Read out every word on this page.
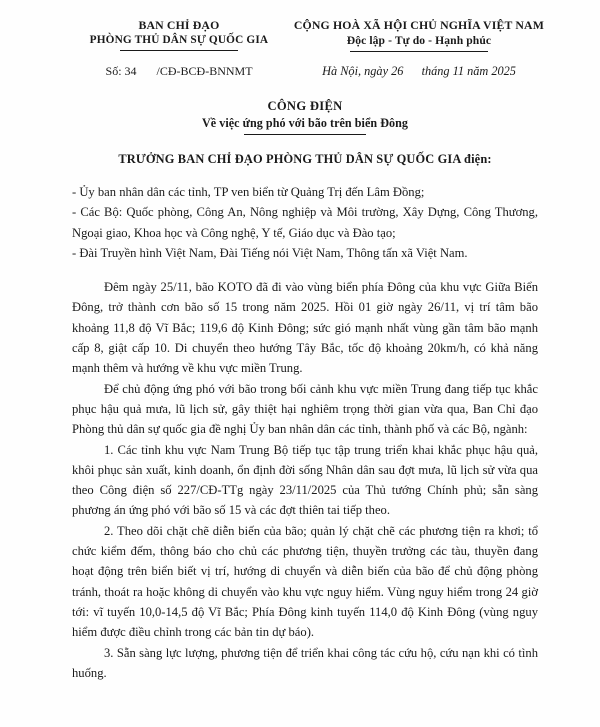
BAN CHỈ ĐẠO
PHÒNG THỦ DÂN SỰ QUỐC GIA
CỘNG HOÀ XÃ HỘI CHỦ NGHĨA VIỆT NAM
Độc lập - Tự do - Hạnh phúc
Số: 34 /CĐ-BCĐ-BNNMT	Hà Nội, ngày 26 tháng 11 năm 2025
CÔNG ĐIỆN
Về việc ứng phó với bão trên biển Đông
TRƯỞNG BAN CHỈ ĐẠO PHÒNG THỦ DÂN SỰ QUỐC GIA điện:
- Ủy ban nhân dân các tỉnh, TP ven biển từ Quảng Trị đến Lâm Đồng;
- Các Bộ: Quốc phòng, Công An, Nông nghiệp và Môi trường, Xây Dựng, Công Thương, Ngoại giao, Khoa học và Công nghệ, Y tế, Giáo dục và Đào tạo;
- Đài Truyền hình Việt Nam, Đài Tiếng nói Việt Nam, Thông tấn xã Việt Nam.

Đêm ngày 25/11, bão KOTO đã đi vào vùng biển phía Đông của khu vực Giữa Biển Đông, trở thành cơn bão số 15 trong năm 2025. Hồi 01 giờ ngày 26/11, vị trí tâm bão khoảng 11,8 độ Vĩ Bắc; 119,6 độ Kinh Đông; sức gió mạnh nhất vùng gần tâm bão mạnh cấp 8, giật cấp 10. Di chuyển theo hướng Tây Bắc, tốc độ khoảng 20km/h, có khả năng mạnh thêm và hướng về khu vực miền Trung.

Để chủ động ứng phó với bão trong bối cảnh khu vực miền Trung đang tiếp tục khắc phục hậu quả mưa, lũ lịch sử, gây thiệt hại nghiêm trọng thời gian vừa qua, Ban Chỉ đạo Phòng thủ dân sự quốc gia đề nghị Ủy ban nhân dân các tỉnh, thành phố và các Bộ, ngành:

1. Các tỉnh khu vực Nam Trung Bộ tiếp tục tập trung triển khai khắc phục hậu quả, khôi phục sản xuất, kinh doanh, ổn định đời sống Nhân dân sau đợt mưa, lũ lịch sử vừa qua theo Công điện số 227/CĐ-TTg ngày 23/11/2025 của Thủ tướng Chính phủ; sẵn sàng phương án ứng phó với bão số 15 và các đợt thiên tai tiếp theo.

2. Theo dõi chặt chẽ diễn biến của bão; quản lý chặt chẽ các phương tiện ra khơi; tổ chức kiểm đếm, thông báo cho chủ các phương tiện, thuyền trưởng các tàu, thuyền đang hoạt động trên biển biết vị trí, hướng di chuyển và diễn biến của bão để chủ động phòng tránh, thoát ra hoặc không di chuyển vào khu vực nguy hiểm. Vùng nguy hiểm trong 24 giờ tới: vĩ tuyến 10,0-14,5 độ Vĩ Bắc; Phía Đông kinh tuyến 114,0 độ Kinh Đông (vùng nguy hiểm được điều chỉnh trong các bản tin dự báo).

3. Sẵn sàng lực lượng, phương tiện để triển khai công tác cứu hộ, cứu nạn khi có tình huống.
